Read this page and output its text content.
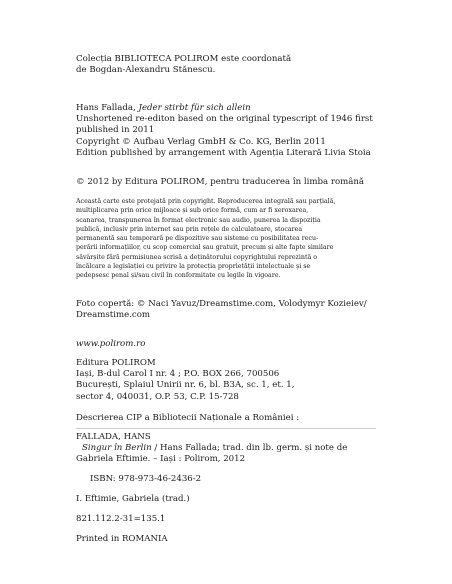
Colecția BIBLIOTECA POLIROM este coordonată
de Bogdan-Alexandru Stănescu.
Hans Fallada, Jeder stirbt für sich allein
Unshortened re-editon based on the original typescript of 1946 first
published in 2011
Copyright © Aufbau Verlag GmbH & Co. KG, Berlin 2011
Edition published by arrangement with Agenția Literară Livia Stoia
© 2012 by Editura POLIROM, pentru traducerea în limba română
Această carte este protejată prin copyright. Reproducerea integrală sau parțială,
multiplicarea prin orice mijloace și sub orice formă, cum ar fi xeroxarea,
scanarea, transpunerea în format electronic sau audio, punerea la dispoziția
publică, inclusiv prin internet sau prin rețele de calculatoare, stocarea
permanentă sau temporară pe dispozitive sau sisteme cu posibilitatea recu-
perării informațiilor, cu scop comercial sau gratuit, precum și alte fapte similare
săvârșite fără permisiunea scrisă a deținătorului copyrightului reprezintă o
încălcare a legislației cu privire la protecția proprietății intelectuale și se
pedepsesc penal și/sau civil în conformitate cu legile în vigoare.
Foto copertă: © Naci Yavuz/Dreamstime.com, Volodymyr Kozieiev/
Dreamstime.com
www.polirom.ro
Editura POLIROM
Iași, B-dul Carol I nr. 4 ; P.O. BOX 266, 700506
București, Splaiul Unirii nr. 6, bl. B3A, sc. 1, et. 1,
sector 4, 040031, O.P. 53, C.P. 15-728
Descrierea CIP a Bibliotecii Naționale a României :
FALLADA, HANS
Singur în Berlin / Hans Fallada; trad. din lb. germ. și note de
Gabriela Eftimie. – Iași : Polirom, 2012
ISBN: 978-973-46-2436-2
I. Eftimie, Gabriela (trad.)
821.112.2-31=135.1
Printed in ROMANIA
